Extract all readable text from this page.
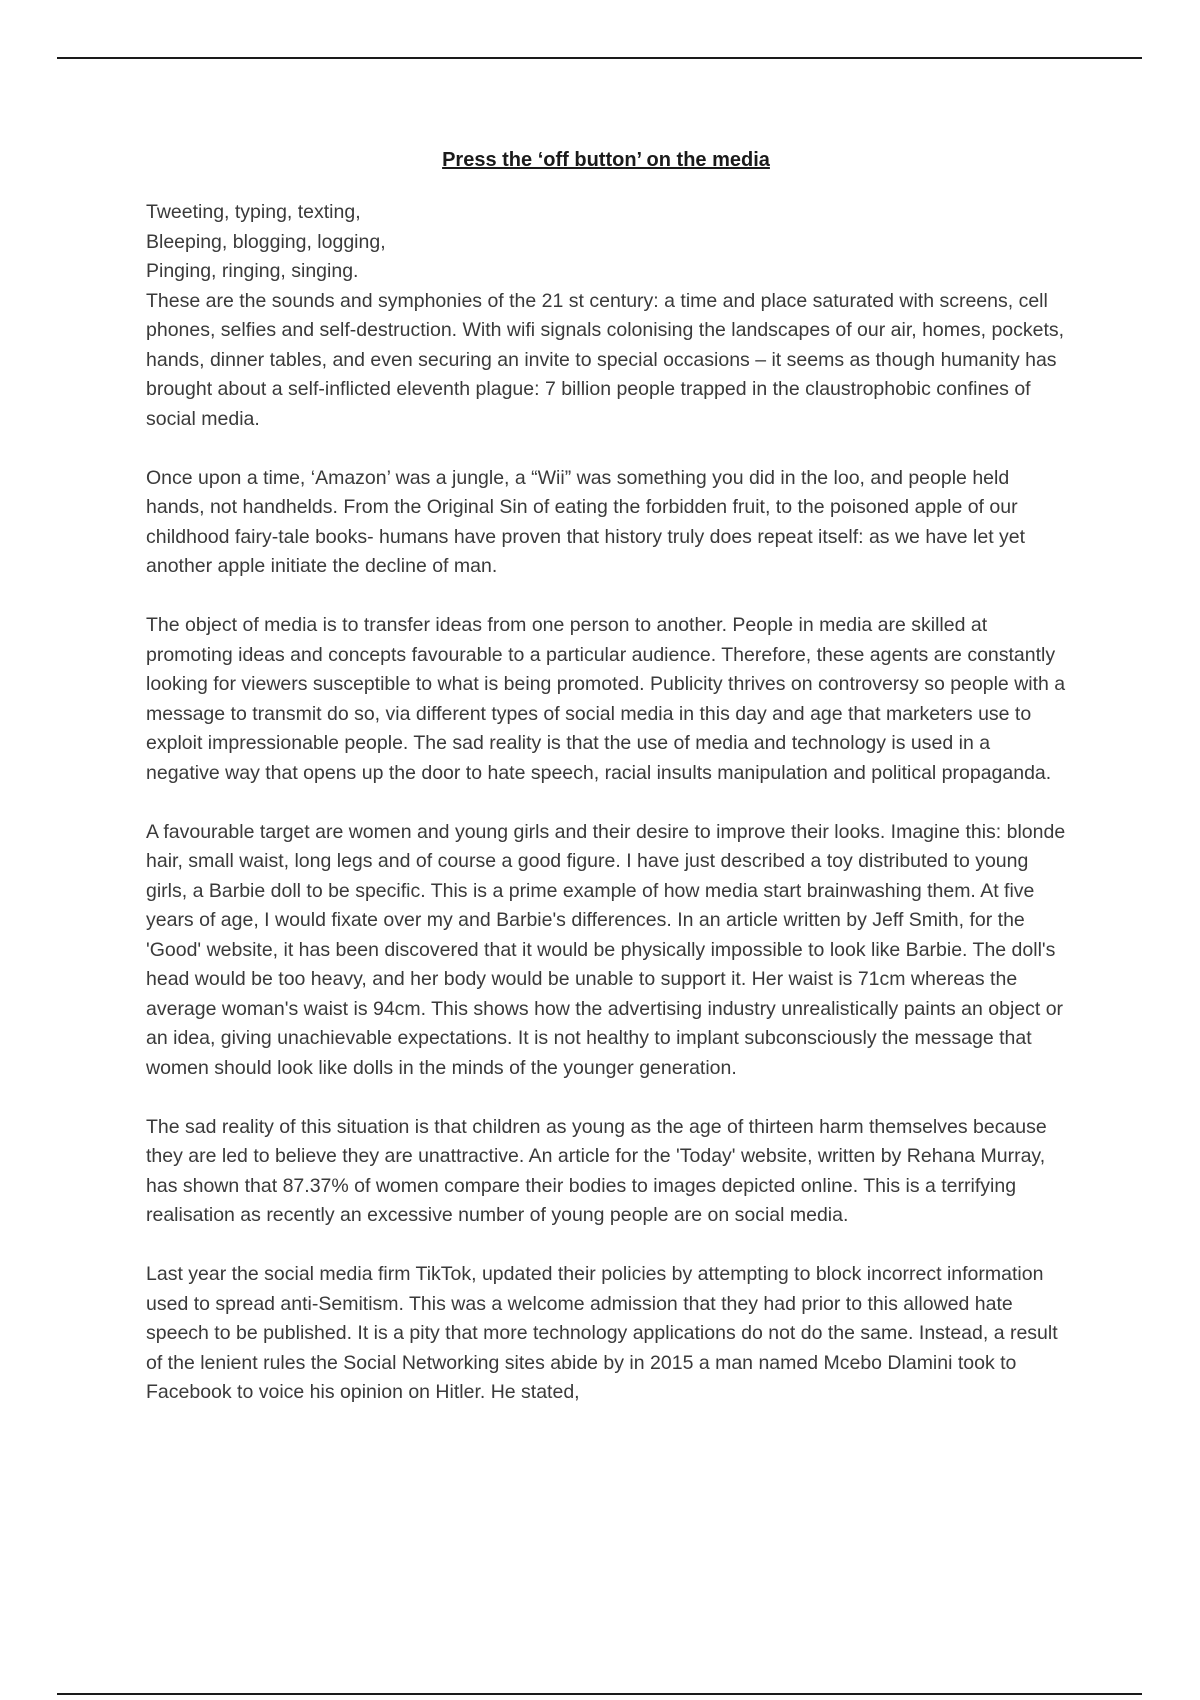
Press the ‘off button’ on the media

Tweeting, typing, texting,

Bleeping, blogging, logging,

Pinging, ringing, singing.

These are the sounds and symphonies of the 21 st century: a time and place saturated with screens, cell phones, selfies and self-destruction. With wifi signals colonising the landscapes of our air, homes, pockets, hands, dinner tables, and even securing an invite to special occasions – it seems as though humanity has brought about a self-inflicted eleventh plague: 7 billion people trapped in the claustrophobic confines of social media.

Once upon a time, ‘Amazon’ was a jungle, a “Wii” was something you did in the loo, and people held hands, not handhelds. From the Original Sin of eating the forbidden fruit, to the poisoned apple of our childhood fairy-tale books- humans have proven that history truly does repeat itself: as we have let yet another apple initiate the decline of man.

The object of media is to transfer ideas from one person to another. People in media are skilled at promoting ideas and concepts favourable to a particular audience. Therefore, these agents are constantly looking for viewers susceptible to what is being promoted. Publicity thrives on controversy so people with a message to transmit do so, via different types of social media in this day and age that marketers use to exploit impressionable people. The sad reality is that the use of media and technology is used in a negative way that opens up the door to hate speech, racial insults manipulation and political propaganda.

A favourable target are women and young girls and their desire to improve their looks. Imagine this: blonde hair, small waist, long legs and of course a good figure. I have just described a toy distributed to young girls, a Barbie doll to be specific. This is a prime example of how media start brainwashing them. At five years of age, I would fixate over my and Barbie's differences. In an article written by Jeff Smith, for the 'Good' website, it has been discovered that it would be physically impossible to look like Barbie. The doll's head would be too heavy, and her body would be unable to support it. Her waist is 71cm whereas the average woman's waist is 94cm. This shows how the advertising industry unrealistically paints an object or an idea, giving unachievable expectations. It is not healthy to implant subconsciously the message that women should look like dolls in the minds of the younger generation.

The sad reality of this situation is that children as young as the age of thirteen harm themselves because they are led to believe they are unattractive. An article for the 'Today' website, written by Rehana Murray, has shown that 87.37% of women compare their bodies to images depicted online. This is a terrifying realisation as recently an excessive number of young people are on social media.

Last year the social media firm TikTok, updated their policies by attempting to block incorrect information used to spread anti-Semitism. This was a welcome admission that they had prior to this allowed hate speech to be published. It is a pity that more technology applications do not do the same. Instead, a result of the lenient rules the Social Networking sites abide by in 2015 a man named Mcebo Dlamini took to Facebook to voice his opinion on Hitler. He stated,
